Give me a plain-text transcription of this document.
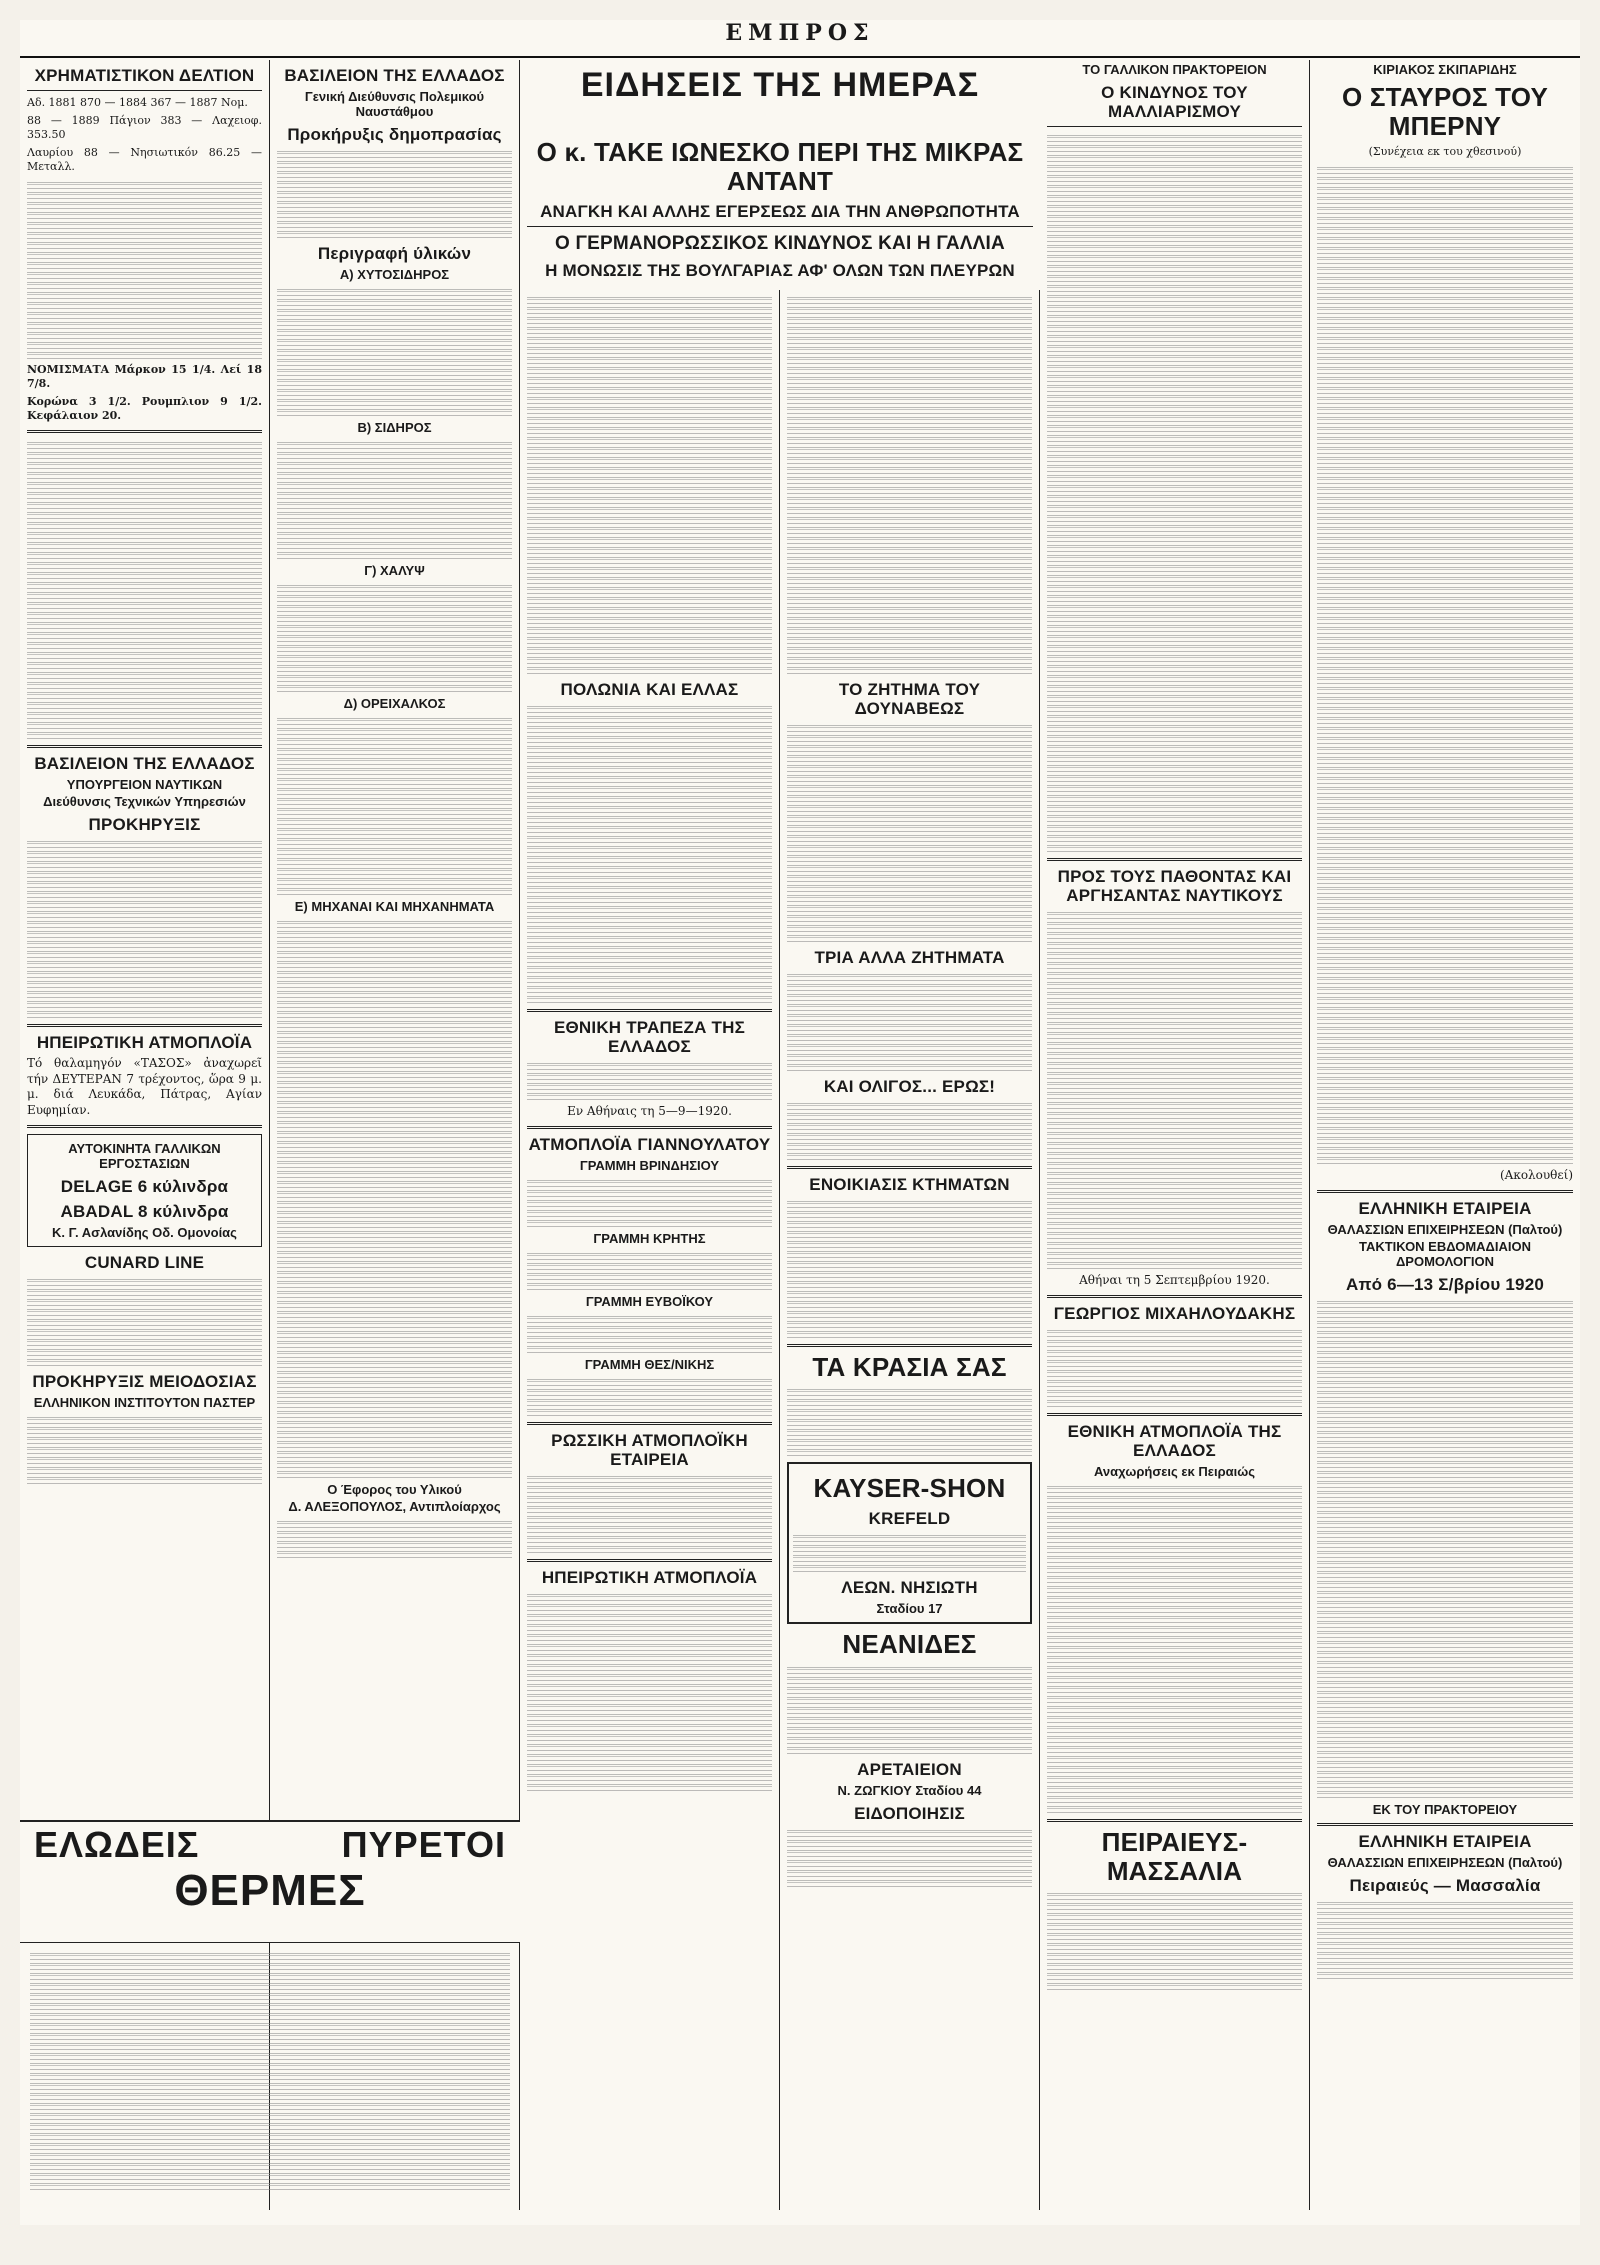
ΕΜΠΡΟΣ
ΧΡΗΜΑΤΙΣΤΙΚΟΝ ΔΕΛΤΙΟΝ
Αδ. 1881 870 — 1884 367 — 1887 Νομ.
88 — 1889 Πάγιον 383 — Λαχειοφ. 353.50
Λαυρίου 88 — Νησιωτικόν 86.25 — Μεταλλ.
ΝΟΜΙΣΜΑΤΑ Μάρκον 15 1/4. Λεί 18 7/8.
Κορώνα 3 1/2. Ρουμπλιον 9 1/2. Κεφάλαιον 20.
ΒΑΣΙΛΕΙΟΝ ΤΗΣ ΕΛΛΑΔΟΣ
ΥΠΟΥΡΓΕΙΟΝ ΝΑΥΤΙΚΩΝ
Διεύθυνσις Τεχνικών Υπηρεσιών
ΠΡΟΚΗΡΥΞΙΣ
ΗΠΕΙΡΩΤΙΚΗ ΑΤΜΟΠΛΟΪΑ
Τό θαλαμηγόν «ΤΑΣΟΣ» ἀναχωρεῖ τήν ΔΕΥΤΕΡΑΝ 7 τρέχοντος, ὥρα 9 μ. μ. διά Λευκάδα, Πάτρας, Αγίαν Ευφημίαν.
ΑΥΤΟΚΙΝΗΤΑ ΓΑΛΛΙΚΩΝ ΕΡΓΟΣΤΑΣΙΩΝ
DELAGE 6 κύλινδρα
ABADAL 8 κύλινδρα
Κ. Γ. Ασλανίδης Οδ. Ομονοίας
CUNARD LINE
ΠΡΟΚΗΡΥΞΙΣ ΜΕΙΟΔΟΣΙΑΣ
ΕΛΛΗΝΙΚΟΝ ΙΝΣΤΙΤΟΥΤΟΝ ΠΑΣΤΕΡ
ΒΑΣΙΛΕΙΟΝ ΤΗΣ ΕΛΛΑΔΟΣ
Γενική Διεύθυνσις Πολεμικού Ναυστάθμου
Προκήρυξις δημοπρασίας
Περιγραφή ύλικών
Α) ΧΥΤΟΣΙΔΗΡΟΣ
Β) ΣΙΔΗΡΟΣ
Γ) ΧΑΛΥΨ
Δ) ΟΡΕΙΧΑΛΚΟΣ
Ε) ΜΗΧΑΝΑΙ ΚΑΙ ΜΗΧΑΝΗΜΑΤΑ
Ο Έφορος του Υλικού
Δ. ΑΛΕΞΟΠΟΥΛΟΣ, Αντιπλοίαρχος
ΕΛΩΔΕΙΣ	ΠΥΡΕΤΟΙ
ΘΕΡΜΕΣ
ΕΙΔΗΣΕΙΣ ΤΗΣ ΗΜΕΡΑΣ
Ο κ. ΤΑΚΕ ΙΩΝΕΣΚΟ ΠΕΡΙ ΤΗΣ ΜΙΚΡΑΣ ΑΝΤΑΝΤ
ΑΝΑΓΚΗ ΚΑΙ ΑΛΛΗΣ ΕΓΕΡΣΕΩΣ ΔΙΑ ΤΗΝ ΑΝΘΡΩΠΟΤΗΤΑ
Ο ΓΕΡΜΑΝΟΡΩΣΣΙΚΟΣ ΚΙΝΔΥΝΟΣ ΚΑΙ Η ΓΑΛΛΙΑ
Η ΜΟΝΩΣΙΣ ΤΗΣ ΒΟΥΛΓΑΡΙΑΣ ΑΦ' ΟΛΩΝ ΤΩΝ ΠΛΕΥΡΩΝ
ΠΟΛΩΝΙΑ ΚΑΙ ΕΛΛΑΣ
ΕΘΝΙΚΗ ΤΡΑΠΕΖΑ ΤΗΣ ΕΛΛΑΔΟΣ
Εν Αθήναις τη 5—9—1920.
ΑΤΜΟΠΛΟΪΑ ΓΙΑΝΝΟΥΛΑΤΟΥ
ΓΡΑΜΜΗ ΒΡΙΝΔΗΣΙΟΥ
ΓΡΑΜΜΗ ΚΡΗΤΗΣ
ΓΡΑΜΜΗ ΕΥΒΟΪΚΟΥ
ΓΡΑΜΜΗ ΘΕΣ/ΝΙΚΗΣ
ΡΩΣΣΙΚΗ ΑΤΜΟΠΛΟΪΚΗ ΕΤΑΙΡΕΙΑ
ΗΠΕΙΡΩΤΙΚΗ ΑΤΜΟΠΛΟΪΑ
ΤΟ ΖΗΤΗΜΑ ΤΟΥ ΔΟΥΝΑΒΕΩΣ
ΤΡΙΑ ΑΛΛΑ ΖΗΤΗΜΑΤΑ
ΚΑΙ ΟΛΙΓΟΣ... ΕΡΩΣ!
ΕΝΟΙΚΙΑΣΙΣ ΚΤΗΜΑΤΩΝ
ΤΑ ΚΡΑΣΙΑ ΣΑΣ
KAYSER-SHON
KREFELD
ΛΕΩΝ. ΝΗΣΙΩΤΗ
Σταδίου 17
ΝΕΑΝΙΔΕΣ
ΑΡΕΤΑΙΕΙΟΝ
Ν. ΖΩΓΚΙΟΥ Σταδίου 44
ΕΙΔΟΠΟΙΗΣΙΣ
ΤΟ ΓΑΛΛΙΚΟΝ ΠΡΑΚΤΟΡΕΙΟΝ
Ο ΚΙΝΔΥΝΟΣ ΤΟΥ ΜΑΛΛΙΑΡΙΣΜΟΥ
ΠΡΟΣ ΤΟΥΣ ΠΑΘΟΝΤΑΣ ΚΑΙ ΑΡΓΗΣΑΝΤΑΣ ΝΑΥΤΙΚΟΥΣ
Αθήναι τη 5 Σεπτεμβρίου 1920.
ΓΕΩΡΓΙΟΣ ΜΙΧΑΗΛΟΥΔΑΚΗΣ
ΕΘΝΙΚΗ ΑΤΜΟΠΛΟΪΑ ΤΗΣ ΕΛΛΑΔΟΣ
Αναχωρήσεις εκ Πειραιώς
ΠΕΙΡΑΙΕΥΣ-ΜΑΣΣΑΛΙΑ
ΚΙΡΙΑΚΟΣ ΣΚΙΠΑΡΙΔΗΣ
Ο ΣΤΑΥΡΟΣ ΤΟΥ ΜΠΕΡΝΥ
(Συνέχεια εκ του χθεσινού)
(Ακολουθεί)
ΕΛΛΗΝΙΚΗ ΕΤΑΙΡΕΙΑ
ΘΑΛΑΣΣΙΩΝ ΕΠΙΧΕΙΡΗΣΕΩΝ (Παλτού)
ΤΑΚΤΙΚΟΝ ΕΒΔΟΜΑΔΙΑΙΟΝ ΔΡΟΜΟΛΟΓΙΟΝ
Από 6—13 Σ/βρίου 1920
ΕΚ ΤΟΥ ΠΡΑΚΤΟΡΕΙΟΥ
ΕΛΛΗΝΙΚΗ ΕΤΑΙΡΕΙΑ
ΘΑΛΑΣΣΙΩΝ ΕΠΙΧΕΙΡΗΣΕΩΝ (Παλτού)
Πειραιεύς — Μασσαλία
